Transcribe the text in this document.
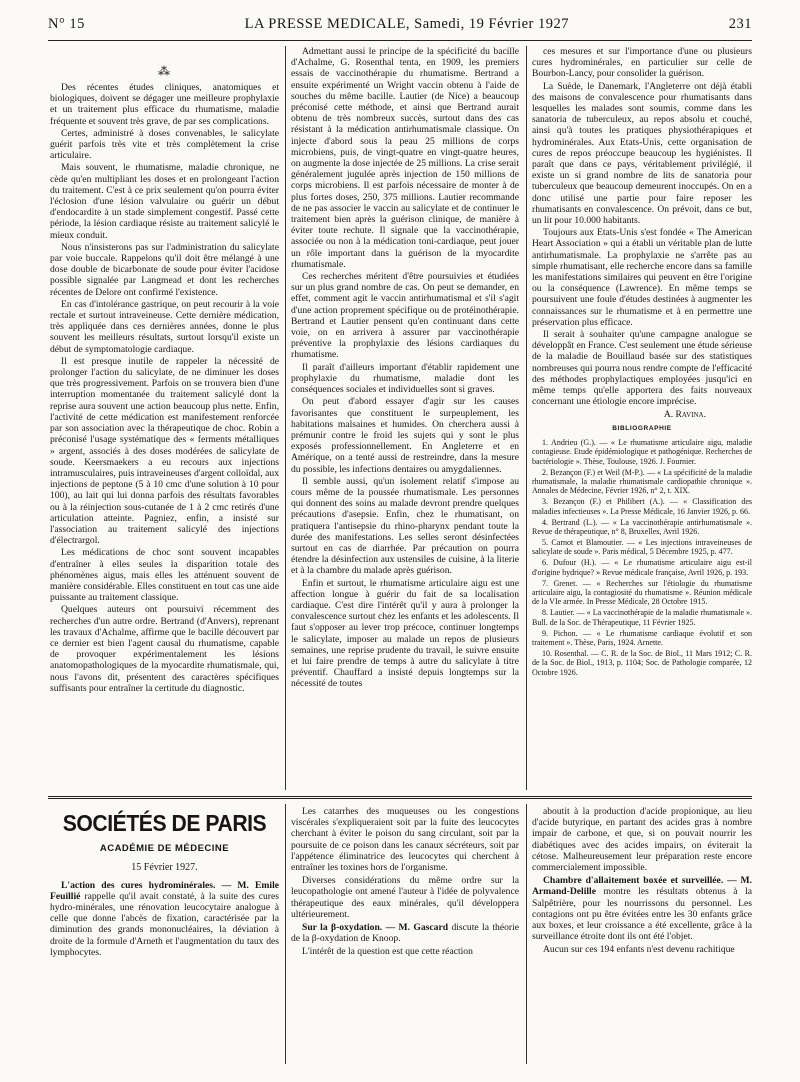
N° 15	LA PRESSE MEDICALE, Samedi, 19 Février 1927	231
⁂

Des récentes études cliniques, anatomiques et biologiques, doivent se dégager une meilleure prophylaxie et un traitement plus efficace du rhumatisme, maladie fréquente et souvent très grave, de par ses complications.

Certes, administré à doses convenables, le salicylate guérit parfois très vite et très complètement la crise articulaire.

Mais souvent, le rhumatisme, maladie chronique, ne cède qu'en multipliant les doses et en prolongeant l'action du traitement. C'est à ce prix seulement qu'on pourra éviter l'éclosion d'une lésion valvulaire ou guérir un début d'endocardite à un stade simplement congestif. Passé cette période, la lésion cardiaque résiste au traitement salicylé le mieux conduit.

Nous n'insisterons pas sur l'administration du salicylate par voie buccale. Rappelons qu'il doit être mélangé à une dose double de bicarbonate de soude pour éviter l'acidose possible signalée par Langmead et dont les recherches récentes de Delore ont confirmé l'existence.

En cas d'intolérance gastrique, on peut recourir à la voie rectale et surtout intraveineuse. Cette dernière médication, très appliquée dans ces dernières années, donne le plus souvent les meilleurs résultats, surtout lorsqu'il existe un début de symptomatologie cardiaque.

Il est presque inutile de rappeler la nécessité de prolonger l'action du salicylate, de ne diminuer les doses que très progressivement. Parfois on se trouvera bien d'une interruption momentanée du traitement salicylé dont la reprise aura souvent une action beaucoup plus nette. Enfin, l'activité de cette médication est manifestement renforcée par son association avec la thérapeutique de choc. Robin a préconisé l'usage systématique des « ferments métalliques » argent, associés à des doses modérées de salicylate de soude. Keersmaekers a eu recours aux injections intramusculaires, puis intraveineuses d'argent colloïdal, aux injections de peptone (5 à 10 cmc d'une solution à 10 pour 100), au lait qui lui donna parfois des résultats favorables ou à la réinjection sous-cutanée de 1 à 2 cmc retirés d'une articulation atteinte. Pagniez, enfin, a insisté sur l'association au traitement salicylé des injections d'électrargol.

Les médications de choc sont souvent incapables d'entraîner à elles seules la disparition totale des phénomènes aigus, mais elles les atténuent souvent de manière considérable. Elles constituent en tout cas une aide puissante au traitement classique.

Quelques auteurs ont poursuivi récemment des recherches d'un autre ordre. Bertrand (d'Anvers), reprenant les travaux d'Achalme, affirme que le bacille découvert par ce dernier est bien l'agent causal du rhumatisme, capable de provoquer expérimentalement les lésions anatomopathologiques de la myocardite rhumatismale, qui, nous l'avons dit, présentent des caractères spécifiques suffisants pour entraîner la certitude du diagnostic.

Admettant aussi le principe de la spécificité du bacille d'Achalme, G. Rosenthal tenta, en 1909, les premiers essais de vaccinothérapie du rhumatisme. Bertrand a ensuite expérimenté un Wright vaccin obtenu à l'aide de souches du même bacille. Lautier (de Nice) a beaucoup préconisé cette méthode, et ainsi que Bertrand aurait obtenu de très nombreux succès, surtout dans des cas résistant à la médication antirhumatismale classique. On injecte d'abord sous la peau 25 millions de corps microbiens, puis, de vingt-quatre en vingt-quatre heures, on augmente la dose injectée de 25 millions. La crise serait généralement jugulée après injection de 150 millions de corps microbiens. Il est parfois nécessaire de monter à de plus fortes doses, 250, 375 millions. Lautier recommande de ne pas associer le vaccin au salicylate et de continuer le traitement bien après la guérison clinique, de manière à éviter toute rechute. Il signale que la vaccinothérapie, associée ou non à la médication toni-cardiaque, peut jouer un rôle important dans la guérison de la myocardite rhumatismale.

Ces recherches méritent d'être poursuivies et étudiées sur un plus grand nombre de cas. On peut se demander, en effet, comment agit le vaccin antirhumatismal et s'il s'agit d'une action proprement spécifique ou de protéinothérapie. Bertrand et Lautier pensent qu'en continuant dans cette voie, on en arrivera à assurer par vaccinothérapie préventive la prophylaxie des lésions cardiaques du rhumatisme.

Il paraît d'ailleurs important d'établir rapidement une prophylaxie du rhumatisme, maladie dont les conséquences sociales et individuelles sont si graves.

On peut d'abord essayer d'agir sur les causes favorisantes que constituent le surpeuplement, les habitations malsaines et humides. On cherchera aussi à prémunir contre le froid les sujets qui y sont le plus exposés professionnellement. En Angleterre et en Amérique, on a tenté aussi de restreindre, dans la mesure du possible, les infections dentaires ou amygdaliennes.

Il semble aussi, qu'un isolement relatif s'impose au cours même de la poussée rhumatismale. Les personnes qui donnent des soins au malade devront prendre quelques précautions d'asepsie. Enfin, chez le rhumatisant, on pratiquera l'antisepsie du rhino-pharynx pendant toute la durée des manifestations. Les selles seront désinfectées surtout en cas de diarrhée. Par précaution on pourra étendre la désinfection aux ustensiles de cuisine, à la literie et à la chambre du malade après guérison.

Enfin et surtout, le rhumatisme articulaire aigu est une affection longue à guérir du fait de sa localisation cardiaque. C'est dire l'intérêt qu'il y aura à prolonger la convalescence surtout chez les enfants et les adolescents. Il faut s'opposer au lever trop précoce, continuer longtemps le salicylate, imposer au malade un repos de plusieurs semaines, une reprise prudente du travail, le suivre ensuite et lui faire prendre de temps à autre du salicylate à titre préventif. Chauffard a insisté depuis longtemps sur la nécessité de toutes

ces mesures et sur l'importance d'une ou plusieurs cures hydrominérales, en particulier sur celle de Bourbon-Lancy, pour consolider la guérison.

La Suède, le Danemark, l'Angleterre ont déjà établi des maisons de convalescence pour rhumatisants dans lesquelles les malades sont soumis, comme dans les sanatoria de tuberculeux, au repos absolu et couché, ainsi qu'à toutes les pratiques physiothérapiques et hydrominérales. Aux Etats-Unis, cette organisation de cures de repos préoccupe beaucoup les hygiénistes. Il paraît que dans ce pays, véritablement privilégié, il existe un si grand nombre de lits de sanatoria pour tuberculeux que beaucoup demeurent inoccupés. On en a donc utilisé une partie pour faire reposer les rhumatisants en convalescence. On prévoit, dans ce but, un lit pour 10.000 habitants.

Toujours aux Etats-Unis s'est fondée « The American Heart Association » qui a établi un véritable plan de lutte antirhumatismale. La prophylaxie ne s'arrête pas au simple rhumatisant, elle recherche encore dans sa famille les manifestations similaires qui peuvent en être l'origine ou la conséquence (Lawrence). En même temps se poursuivent une foule d'études destinées à augmenter les connaissances sur le rhumatisme et à en permettre une préservation plus efficace.

Il serait à souhaiter qu'une campagne analogue se développât en France. C'est seulement une étude sérieuse de la maladie de Bouillaud basée sur des statistiques nombreuses qui pourra nous rendre compte de l'efficacité des méthodes prophylactiques employées jusqu'ici en même temps qu'elle apportera des faits nouveaux concernant une étiologie encore imprécise.

A. Ravina.

BIBLIOGRAPHIE

1. Andrieu (G.). — « Le rhumatisme articulaire aigu, maladie contagieuse. Etude épidémiologique et pathogénique. Recherches de bactériologie ». Thèse, Toulouse, 1926. J. Fournier.

2. Bezançon (F.) et Weil (M-P.). — « La spécificité de la maladie rhumatismale, la maladie rhumatismale cardiopathie chronique ». Annales de Médecine, Février 1926, n° 2, t. XIX.

3. Bezançon (F.) et Philibert (A.). — « Classification des maladies infectieuses ». La Presse Médicale, 16 Janvier 1926, p. 66.

4. Bertrand (L.). — « La vaccinothérapie antirhumatismale ». Revue de thérapeutique, n° 8, Bruxelles, Avril 1926.

5. Carnot et Blamoutier. — « Les injections intraveineuses de salicylate de soude ». Paris médical, 5 Décembre 1925, p. 477.

6. Dufour (H.). — « Le rhumatisme articulaire aigu est-il d'origine hydrique? » Revue médicale française, Avril 1926, p. 193.

7. Grenet. — « Recherches sur l'étiologie du rhumatisme articulaire aigu, la contagiosité du rhumatisme ». Réunion médicale de la VIe armée. In Presse Médicale, 28 Octobre 1915.

8. Lautier. — « La vaccinothérapie de la maladie rhumatismale ». Bull. de la Soc. de Thérapeutique, 11 Février 1925.

9. Pichon. — « Le rhumatisme cardiaque évolutif et son traitement ». Thèse, Paris, 1924. Arnette.

10. Rosenthal. — C. R. de la Soc. de Biol., 11 Mars 1912; C. R. de la Soc. de Biol., 1913, p. 1104; Soc. de Pathologie comparée, 12 Octobre 1926.

SOCIÉTÉS DE PARIS
ACADÉMIE DE MÉDECINE
15 Février 1927.

L'action des cures hydrominérales. — M. Emile Feuillié rappelle qu'il avait constaté, à la suite des cures hydro-minérales, une rénovation leucocytaire analogue à celle que donne l'abcès de fixation, caractérisée par la diminution des grands mononucléaires, la déviation à droite de la formule d'Arneth et l'augmentation du taux des lymphocytes.

Les catarrhes des muqueuses ou les congestions viscérales s'expliqueraient soit par la fuite des leucocytes cherchant à éviter le poison du sang circulant, soit par la poursuite de ce poison dans les canaux sécréteurs, soit par l'appétence éliminatrice des leucocytes qui cherchent à entraîner les toxines hors de l'organisme.

Diverses considérations du même ordre sur la leucopathologie ont amené l'auteur à l'idée de polyvalence thérapeutique des eaux minérales, qu'il développera ultérieurement.

Sur la β-oxydation. — M. Gascard discute la théorie de la β-oxydation de Knoop.

L'intérêt de la question est que cette réaction

aboutit à la production d'acide propionique, au lieu d'acide butyrique, en partant des acides gras à nombre impair de carbone, et que, si on pouvait nourrir les diabétiques avec des acides impairs, on éviterait la cétose. Malheureusement leur préparation reste encore commercialement impossible.

Chambre d'allaitement boxée et surveillée. — M. Armand-Delille montre les résultats obtenus à la Salpêtrière, pour les nourrissons du personnel. Les contagions ont pu être évitées entre les 30 enfants grâce aux boxes, et leur croissance a été excellente, grâce à la surveillance étroite dont ils ont été l'objet.

Aucun sur ces 194 enfants n'est devenu rachitique
